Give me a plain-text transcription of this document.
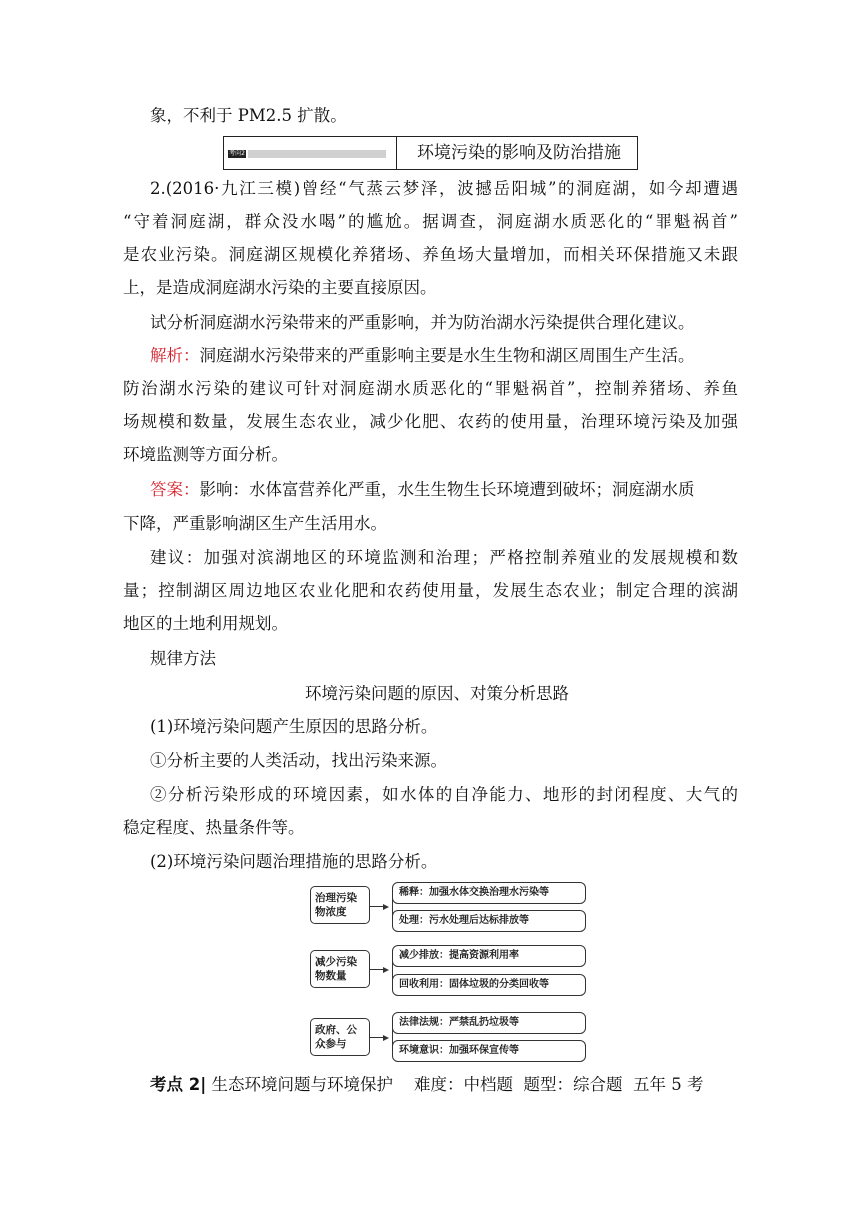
象，不利于 PM2.5 扩散。
考向2	环境污染的影响及防治措施
2.(2016·九江三模)曾经“气蒸云梦泽，波撼岳阳城”的洞庭湖，如今却遭遇
“守着洞庭湖，群众没水喝”的尴尬。据调查，洞庭湖水质恶化的“罪魁祸首”
是农业污染。洞庭湖区规模化养猪场、养鱼场大量增加，而相关环保措施又未跟
上，是造成洞庭湖水污染的主要直接原因。
试分析洞庭湖水污染带来的严重影响，并为防治湖水污染提供合理化建议。
解析：洞庭湖水污染带来的严重影响主要是水生生物和湖区周围生产生活。
防治湖水污染的建议可针对洞庭湖水质恶化的“罪魁祸首”，控制养猪场、养鱼
场规模和数量，发展生态农业，减少化肥、农药的使用量，治理环境污染及加强
环境监测等方面分析。
答案：影响：水体富营养化严重，水生生物生长环境遭到破坏；洞庭湖水质
下降，严重影响湖区生产生活用水。
建议：加强对滨湖地区的环境监测和治理；严格控制养殖业的发展规模和数
量；控制湖区周边地区农业化肥和农药使用量，发展生态农业；制定合理的滨湖
地区的土地利用规划。
规律方法
环境污染问题的原因、对策分析思路
(1)环境污染问题产生原因的思路分析。
①分析主要的人类活动，找出污染来源。
②分析污染形成的环境因素，如水体的自净能力、地形的封闭程度、大气的
稳定程度、热量条件等。
(2)环境污染问题治理措施的思路分析。
治理污染
物浓度
稀释：加强水体交换治理水污染等
处理：污水处理后达标排放等
减少污染
物数量
减少排放：提高资源利用率
回收利用：固体垃圾的分类回收等
政府、公
众参与
法律法规：严禁乱扔垃圾等
环境意识：加强环保宣传等
考点 2| 生态环境问题与环境保护    难度：中档题  题型：综合题  五年 5 考
